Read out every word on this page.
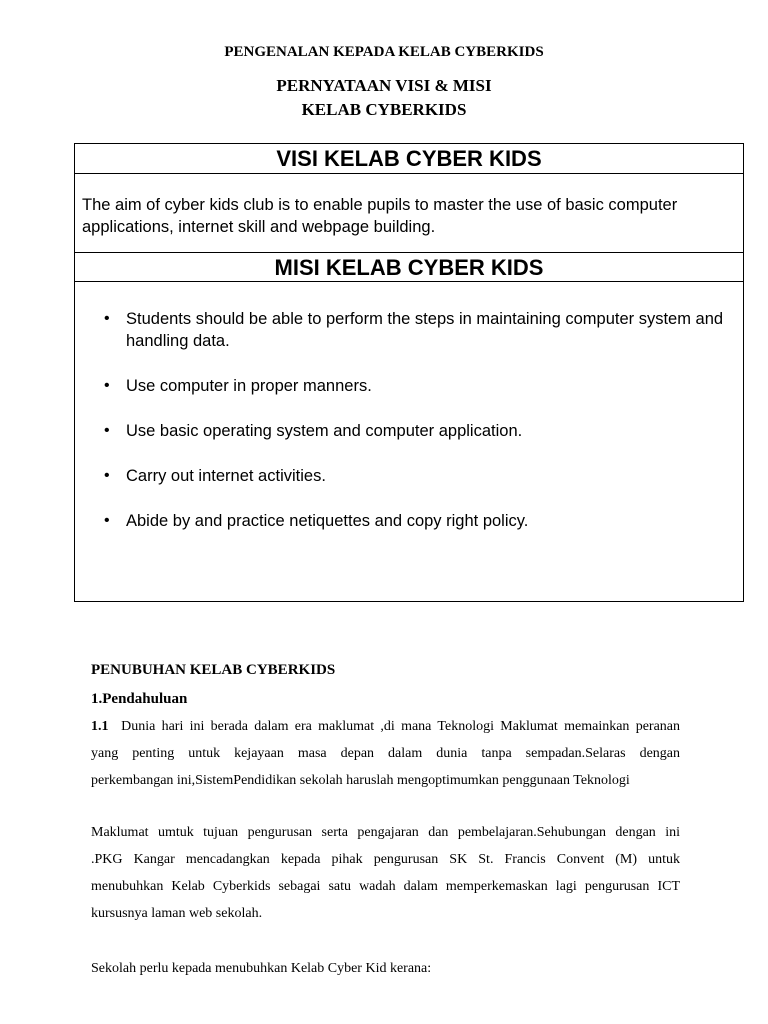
PENGENALAN KEPADA KELAB CYBERKIDS
PERNYATAAN VISI & MISI
KELAB CYBERKIDS
VISI KELAB CYBER KIDS
The aim of cyber kids club is to enable pupils to master the use of basic computer applications, internet skill and webpage building.
MISI KELAB CYBER KIDS
• Students should be able to perform the steps in maintaining computer system and handling data.
• Use computer in proper manners.
• Use basic operating system and computer application.
• Carry out internet activities.
• Abide by and practice netiquettes and copy right policy.
PENUBUHAN KELAB CYBERKIDS
1.Pendahuluan
1.1 Dunia hari ini berada dalam era maklumat ,di mana Teknologi Maklumat memainkan peranan
yang penting untuk kejayaan masa depan dalam dunia tanpa sempadan.Selaras dengan
perkembangan ini,SistemPendidikan sekolah haruslah mengoptimumkan penggunaan Teknologi
Maklumat umtuk tujuan pengurusan serta pengajaran dan pembelajaran.Sehubungan dengan ini
.PKG Kangar mencadangkan kepada pihak pengurusan SK St. Francis Convent (M) untuk
menubuhkan Kelab Cyberkids sebagai satu wadah dalam memperkemaskan lagi pengurusan ICT
kursusnya laman web sekolah.
Sekolah perlu kepada menubuhkan Kelab Cyber Kid kerana:
